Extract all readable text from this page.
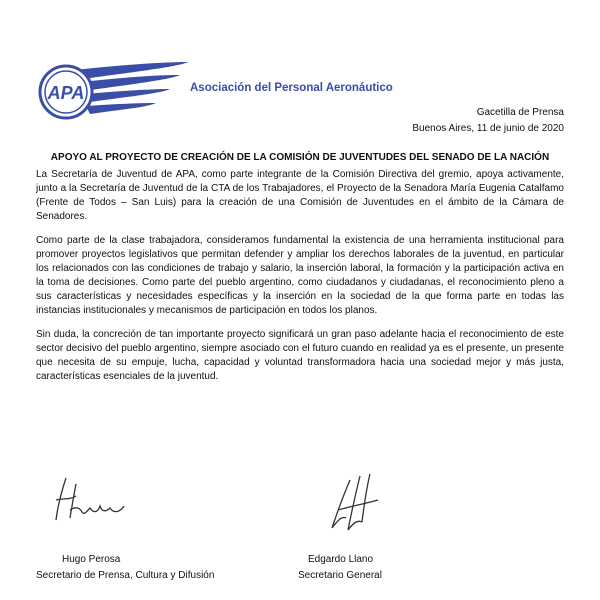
APA	Asociación del Personal Aeronáutico
Gacetilla de Prensa
Buenos Aires, 11 de junio de 2020
APOYO AL PROYECTO DE CREACIÓN DE LA COMISIÓN DE JUVENTUDES DEL SENADO DE LA NACIÓN

La Secretaría de Juventud de APA, como parte integrante de la Comisión Directiva del gremio, apoya activamente, junto a la Secretaría de Juventud de la CTA de los Trabajadores, el Proyecto de la Senadora María Eugenia Catalfamo (Frente de Todos – San Luis) para la creación de una Comisión de Juventudes en el ámbito de la Cámara de Senadores.

Como parte de la clase trabajadora, consideramos fundamental la existencia de una herramienta institucional para promover proyectos legislativos que permitan defender y ampliar los derechos laborales de la juventud, en particular los relacionados con las condiciones de trabajo y salario, la inserción laboral, la formación y la participación activa en la toma de decisiones. Como parte del pueblo argentino, como ciudadanos y ciudadanas, el reconocimiento pleno a sus características y necesidades específicas y la inserción en la sociedad de la que forma parte en todas las instancias institucionales y mecanismos de participación en todos los planos.

Sin duda, la concreción de tan importante proyecto significará un gran paso adelante hacia el reconocimiento de este sector decisivo del pueblo argentino, siempre asociado con el futuro cuando en realidad ya es el presente, un presente que necesita de su empuje, lucha, capacidad y voluntad transformadora hacia una sociedad mejor y más justa, características esenciales de la juventud.

Hugo Perosa
Secretario de Prensa, Cultura y Difusión
Edgardo Llano
Secretario General
